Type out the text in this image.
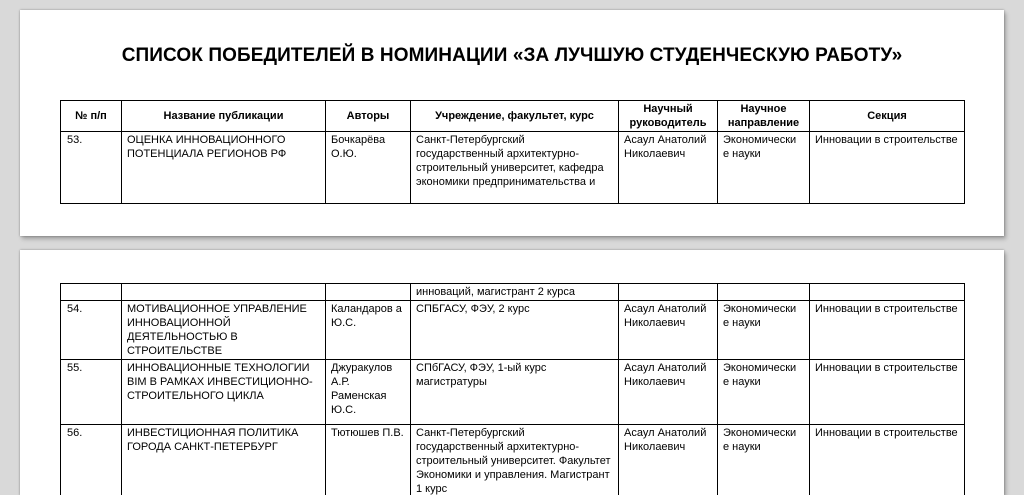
СПИСОК ПОБЕДИТЕЛЕЙ В НОМИНАЦИИ «ЗА ЛУЧШУЮ СТУДЕНЧЕСКУЮ РАБОТУ»
№ п/п	Название публикации	Авторы	Учреждение, факультет, курс	Научный руководитель	Научное направление	Секция
53.	ОЦЕНКА ИННОВАЦИОННОГО ПОТЕНЦИАЛА РЕГИОНОВ РФ	Бочкарёва О.Ю.	Санкт-Петербургский государственный архитектурно-строительный университет, кафедра экономики предпринимательства и	Асаул Анатолий Николаевич	Экономически е науки	Инновации в строительстве
			инноваций, магистрант 2 курса			
54.	МОТИВАЦИОННОЕ УПРАВЛЕНИЕ ИННОВАЦИОННОЙ ДЕЯТЕЛЬНОСТЬЮ В СТРОИТЕЛЬСТВЕ	Каландаров а Ю.С.	СПБГАСУ, ФЭУ, 2 курс	Асаул Анатолий Николаевич	Экономически е науки	Инновации в строительстве
55.	ИННОВАЦИОННЫЕ ТЕХНОЛОГИИ BIM В РАМКАХ ИНВЕСТИЦИОННО-СТРОИТЕЛЬНОГО ЦИКЛА	Джуракулов А.Р. Раменская Ю.С.	СПбГАСУ, ФЭУ, 1-ый курс магистратуры	Асаул Анатолий Николаевич	Экономически е науки	Инновации в строительстве
56.	ИНВЕСТИЦИОННАЯ ПОЛИТИКА ГОРОДА САНКТ-ПЕТЕРБУРГ	Тютюшев П.В.	Санкт-Петербургский государственный архитектурно-строительный университет. Факультет Экономики и управления. Магистрант 1 курс	Асаул Анатолий Николаевич	Экономически е науки	Инновации в строительстве
